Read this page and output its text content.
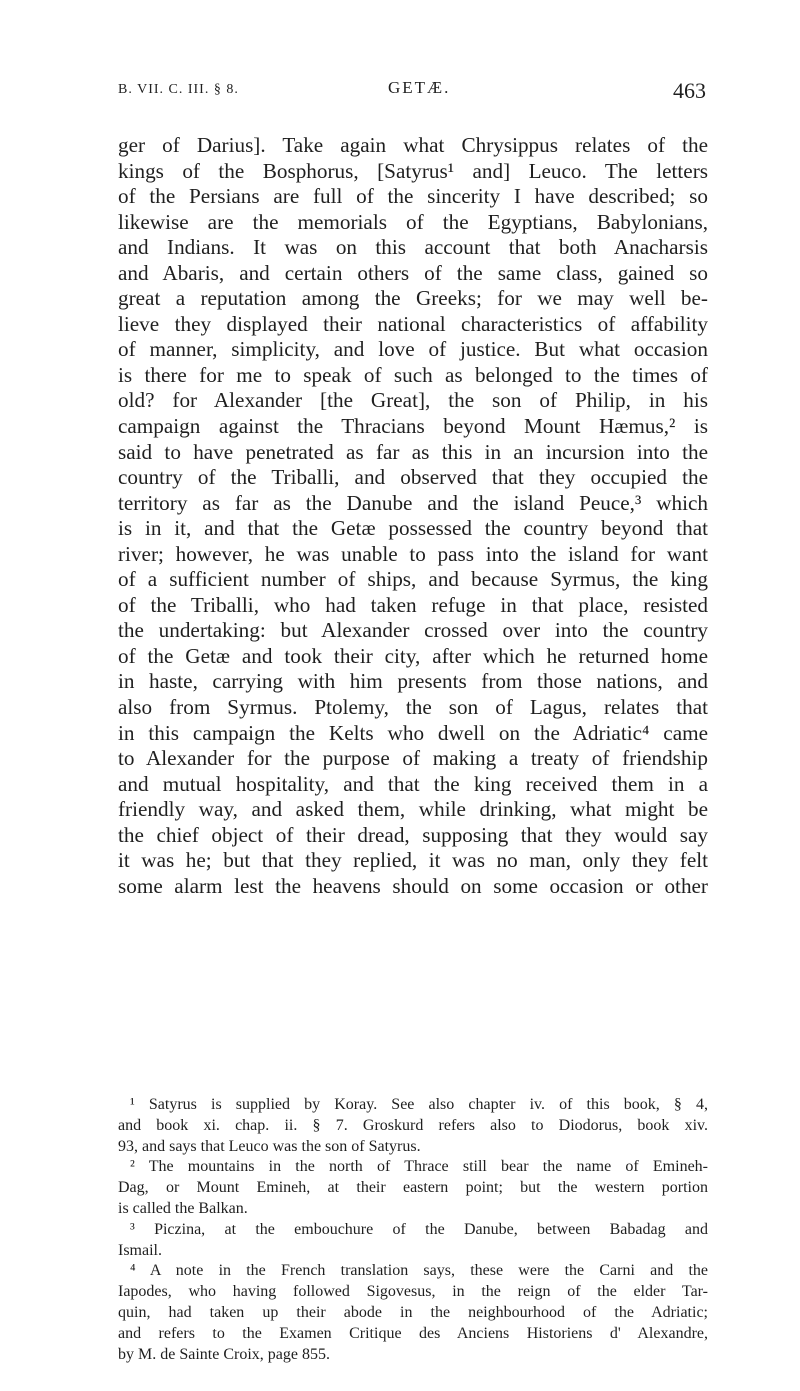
B. VII. C. III. § 8.	GETÆ.	463
ger of Darius]. Take again what Chrysippus relates of the
kings of the Bosphorus, [Satyrus¹ and] Leuco. The letters
of the Persians are full of the sincerity I have described; so
likewise are the memorials of the Egyptians, Babylonians,
and Indians. It was on this account that both Anacharsis
and Abaris, and certain others of the same class, gained so
great a reputation among the Greeks; for we may well be-
lieve they displayed their national characteristics of affability
of manner, simplicity, and love of justice. But what occasion
is there for me to speak of such as belonged to the times of
old? for Alexander [the Great], the son of Philip, in his
campaign against the Thracians beyond Mount Hæmus,² is
said to have penetrated as far as this in an incursion into the
country of the Triballi, and observed that they occupied the
territory as far as the Danube and the island Peuce,³ which
is in it, and that the Getæ possessed the country beyond that
river; however, he was unable to pass into the island for want
of a sufficient number of ships, and because Syrmus, the king
of the Triballi, who had taken refuge in that place, resisted
the undertaking: but Alexander crossed over into the country
of the Getæ and took their city, after which he returned home
in haste, carrying with him presents from those nations, and
also from Syrmus. Ptolemy, the son of Lagus, relates that
in this campaign the Kelts who dwell on the Adriatic⁴ came
to Alexander for the purpose of making a treaty of friendship
and mutual hospitality, and that the king received them in a
friendly way, and asked them, while drinking, what might be
the chief object of their dread, supposing that they would say
it was he; but that they replied, it was no man, only they felt
some alarm lest the heavens should on some occasion or other
¹ Satyrus is supplied by Koray. See also chapter iv. of this book, § 4,
and book xi. chap. ii. § 7. Groskurd refers also to Diodorus, book xiv.
93, and says that Leuco was the son of Satyrus.
² The mountains in the north of Thrace still bear the name of Emineh-
Dag, or Mount Emineh, at their eastern point; but the western portion
is called the Balkan.
³ Piczina, at the embouchure of the Danube, between Babadag and
Ismail.
⁴ A note in the French translation says, these were the Carni and the
Iapodes, who having followed Sigovesus, in the reign of the elder Tar-
quin, had taken up their abode in the neighbourhood of the Adriatic;
and refers to the Examen Critique des Anciens Historiens d' Alexandre,
by M. de Sainte Croix, page 855.
